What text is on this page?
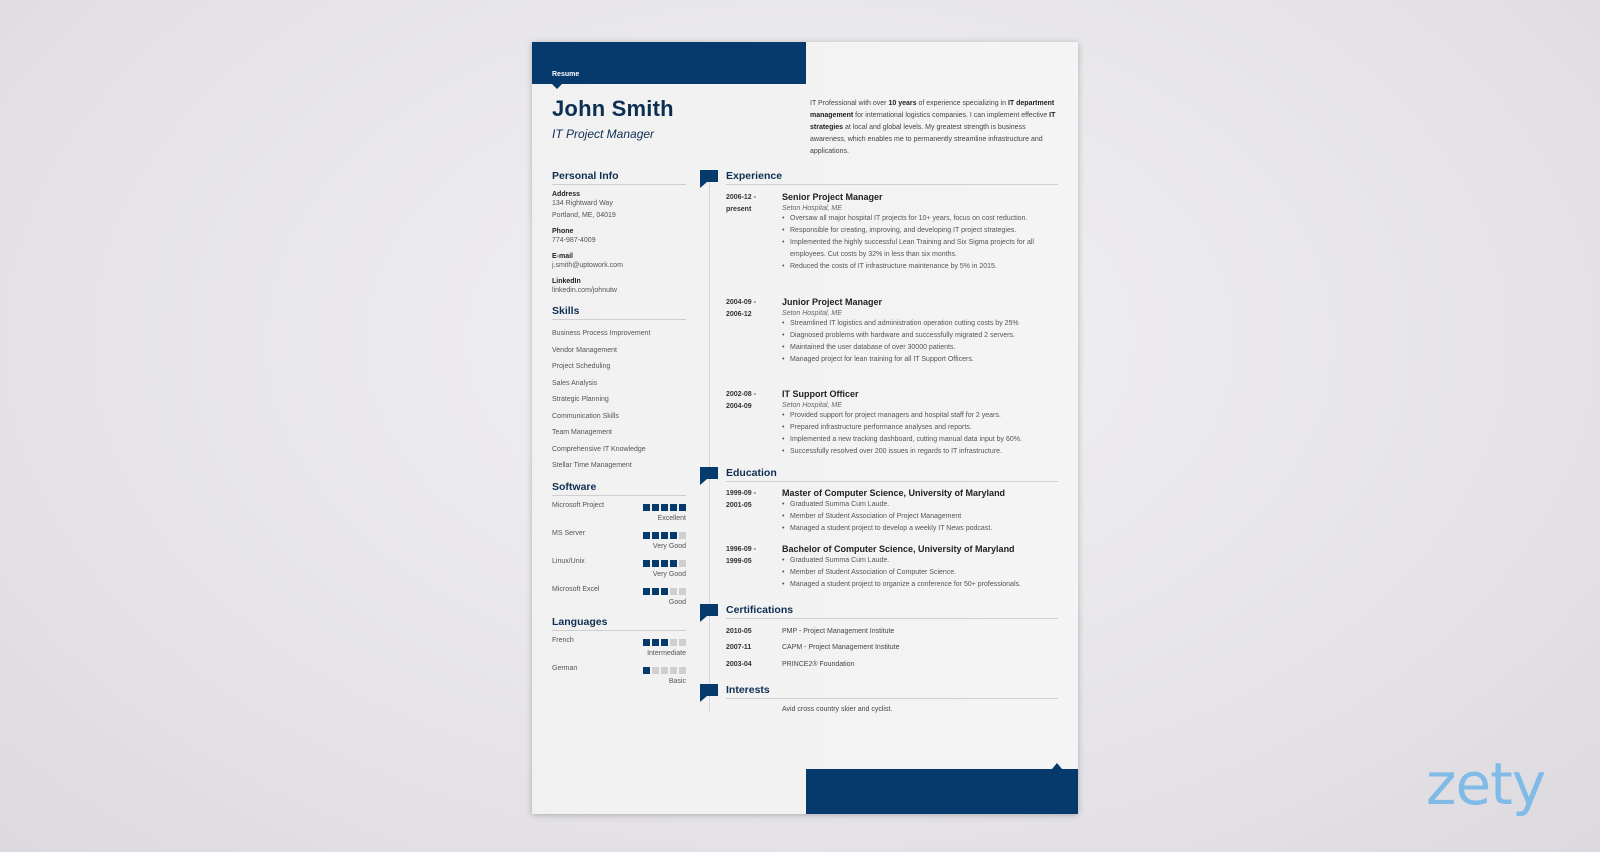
Resume
John Smith
IT Project Manager
IT Professional with over 10 years of experience specializing in IT department management for international logistics companies. I can implement effective IT strategies at local and global levels. My greatest strength is business awareness, which enables me to permanently streamline infrastructure and applications.
Personal Info
Address
134 Rightward Way
Portland, ME, 04019
Phone
774-987-4009
E-mail
j.smith@uptowork.com
LinkedIn
linkedin.com/johnutw
Skills
Business Process Improvement
Vendor Management
Project Scheduling
Sales Analysis
Strategic Planning
Communication Skills
Team Management
Comprehensive IT Knowledge
Stellar Time Management
Software
Microsoft Project
Excellent
MS Server
Very Good
Linux/Unix
Very Good
Microsoft Excel
Good
Languages
French
Intermediate
German
Basic
Experience
2006-12 -
present
Senior Project Manager
Seton Hospital, ME
• Oversaw all major hospital IT projects for 10+ years, focus on cost reduction.
• Responsible for creating, improving, and developing IT project strategies.
• Implemented the highly successful Lean Training and Six Sigma projects for all employees. Cut costs by 32% in less than six months.
• Reduced the costs of IT infrastructure maintenance by 5% in 2015.
2004-09 -
2006-12
Junior Project Manager
Seton Hospital, ME
• Streamlined IT logistics and administration operation cutting costs by 25%
• Diagnosed problems with hardware and successfully migrated 2 servers.
• Maintained the user database of over 30000 patients.
• Managed project for lean training for all IT Support Officers.
2002-08 -
2004-09
IT Support Officer
Seton Hospital, ME
• Provided support for project managers and hospital staff for 2 years.
• Prepared infrastructure performance analyses and reports.
• Implemented a new tracking dashboard, cutting manual data input by 60%.
• Successfully resolved over 200 issues in regards to IT infrastructure.
Education
1999-09 -
2001-05
Master of Computer Science, University of Maryland
• Graduated Summa Cum Laude.
• Member of Student Association of Project Management
• Managed a student project to develop a weekly IT News podcast.
1996-09 -
1999-05
Bachelor of Computer Science, University of Maryland
• Graduated Summa Cum Laude.
• Member of Student Association of Computer Science.
• Managed a student project to organize a conference for 50+ professionals.
Certifications
2010-05	PMP - Project Management Institute
2007-11	CAPM - Project Management Institute
2003-04	PRINCE2® Foundation
Interests
Avid cross country skier and cyclist.
zety
